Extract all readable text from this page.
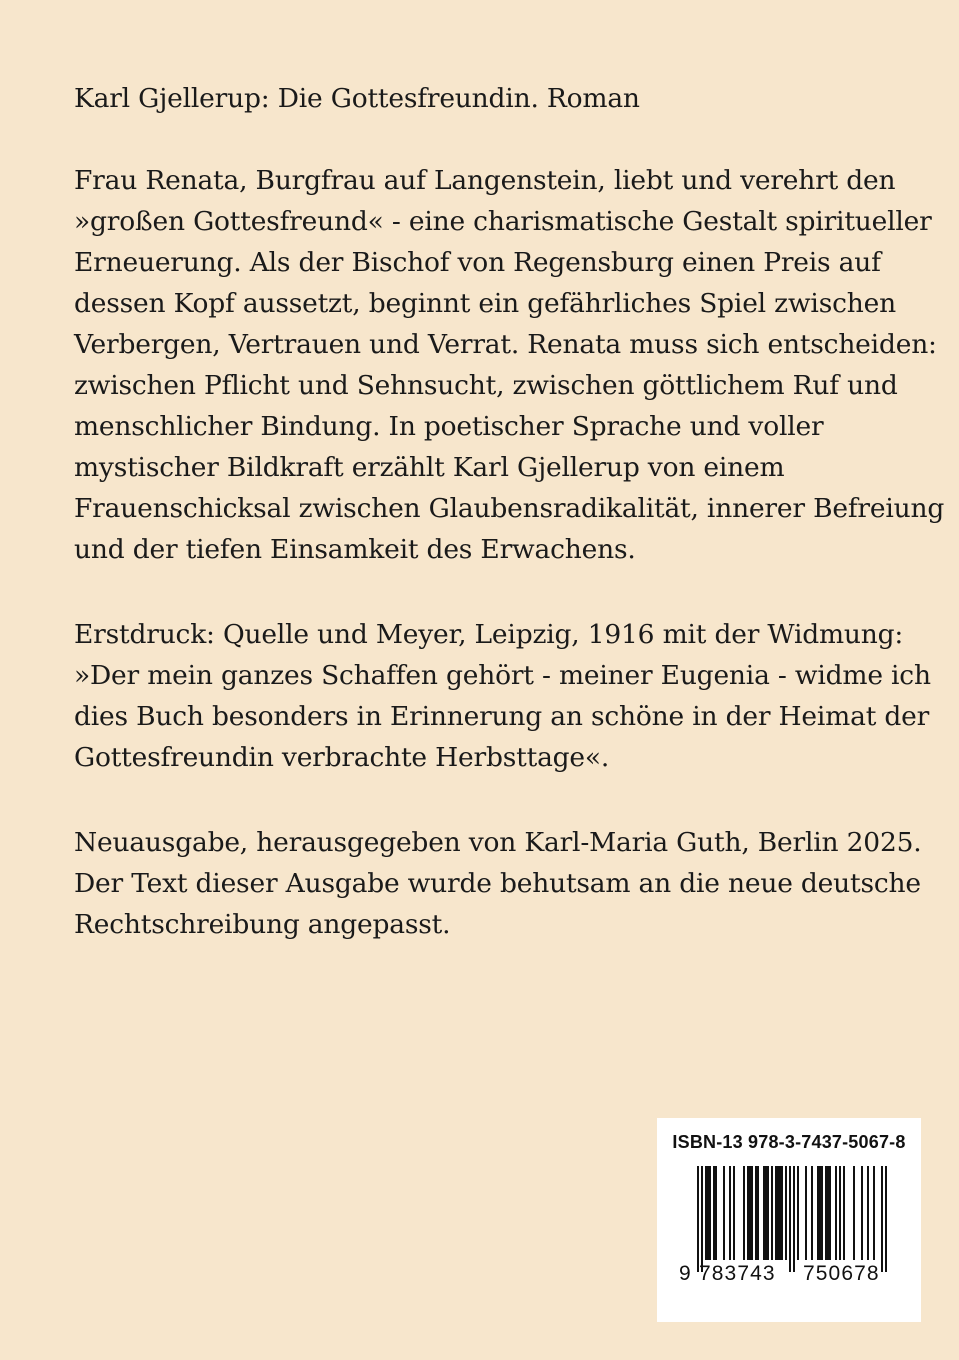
Karl Gjellerup: Die Gottesfreundin. Roman
Frau Renata, Burgfrau auf Langenstein, liebt und verehrt den
»großen Gottesfreund« - eine charismatische Gestalt spiritueller
Erneuerung. Als der Bischof von Regensburg einen Preis auf
dessen Kopf aussetzt, beginnt ein gefährliches Spiel zwischen
Verbergen, Vertrauen und Verrat. Renata muss sich entscheiden:
zwischen Pflicht und Sehnsucht, zwischen göttlichem Ruf und
menschlicher Bindung. In poetischer Sprache und voller
mystischer Bildkraft erzählt Karl Gjellerup von einem
Frauenschicksal zwischen Glaubensradikalität, innerer Befreiung
und der tiefen Einsamkeit des Erwachens.
Erstdruck: Quelle und Meyer, Leipzig, 1916 mit der Widmung:
»Der mein ganzes Schaffen gehört - meiner Eugenia - widme ich
dies Buch besonders in Erinnerung an schöne in der Heimat der
Gottesfreundin verbrachte Herbsttage«.
Neuausgabe, herausgegeben von Karl-Maria Guth, Berlin 2025.
Der Text dieser Ausgabe wurde behutsam an die neue deutsche
Rechtschreibung angepasst.
ISBN-13 978-3-7437-5067-8
9 783743 750678
